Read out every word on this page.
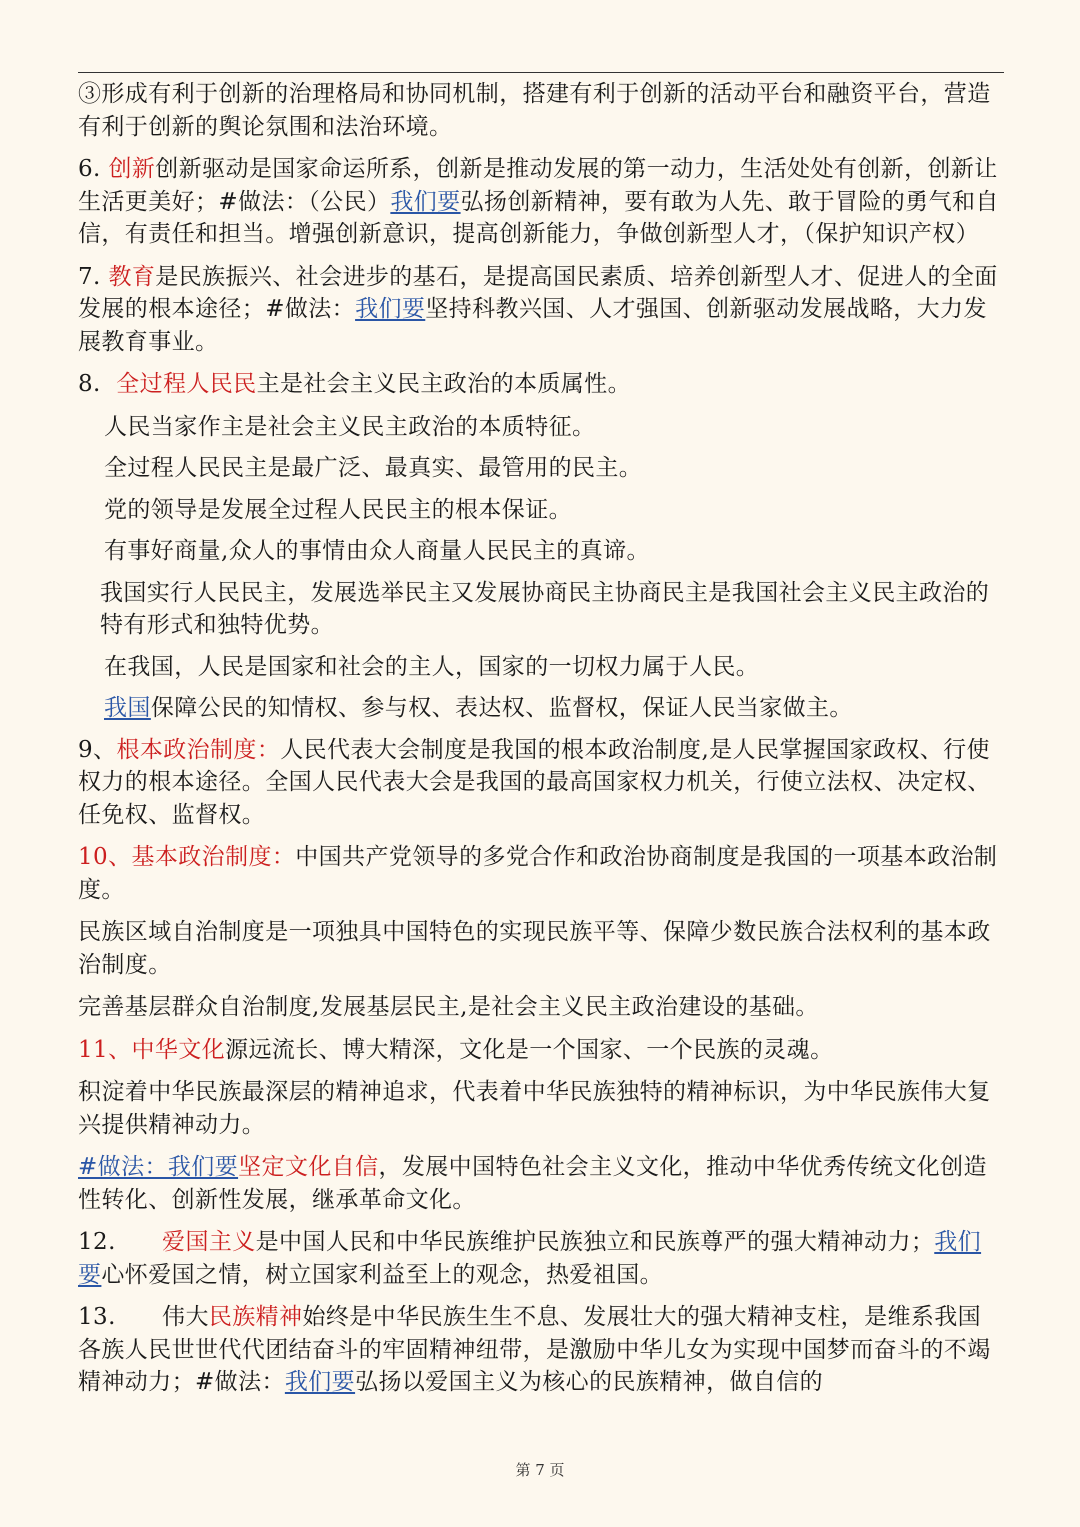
③形成有利于创新的治理格局和协同机制，搭建有利于创新的活动平台和融资平台，营造有利于创新的舆论氛围和法治环境。

6. 创新创新驱动是国家命运所系，创新是推动发展的第一动力，生活处处有创新，创新让生活更美好；#做法：（公民）我们要弘扬创新精神，要有敢为人先、敢于冒险的勇气和自信，有责任和担当。增强创新意识，提高创新能力，争做创新型人才，（保护知识产权）

7. 教育是民族振兴、社会进步的基石，是提高国民素质、培养创新型人才、促进人的全面发展的根本途径；#做法：我们要坚持科教兴国、人才强国、创新驱动发展战略，大力发展教育事业。

8.  全过程人民民主是社会主义民主政治的本质属性。

人民当家作主是社会主义民主政治的本质特征。

全过程人民民主是最广泛、最真实、最管用的民主。

党的领导是发展全过程人民民主的根本保证。

有事好商量,众人的事情由众人商量人民民主的真谛。

我国实行人民民主，发展选举民主又发展协商民主协商民主是我国社会主义民主政治的特有形式和独特优势。

在我国，人民是国家和社会的主人，国家的一切权力属于人民。

我国保障公民的知情权、参与权、表达权、监督权，保证人民当家做主。

9、根本政治制度：人民代表大会制度是我国的根本政治制度,是人民掌握国家政权、行使权力的根本途径。全国人民代表大会是我国的最高国家权力机关，行使立法权、决定权、任免权、监督权。

10、基本政治制度：中国共产党领导的多党合作和政治协商制度是我国的一项基本政治制度。

民族区域自治制度是一项独具中国特色的实现民族平等、保障少数民族合法权利的基本政治制度。

完善基层群众自治制度,发展基层民主,是社会主义民主政治建设的基础。

11、中华文化源远流长、博大精深，文化是一个国家、一个民族的灵魂。

积淀着中华民族最深层的精神追求，代表着中华民族独特的精神标识，为中华民族伟大复兴提供精神动力。

#做法：我们要坚定文化自信，发展中国特色社会主义文化，推动中华优秀传统文化创造性转化、创新性发展，继承革命文化。

12.      爱国主义是中国人民和中华民族维护民族独立和民族尊严的强大精神动力；我们要心怀爱国之情，树立国家利益至上的观念，热爱祖国。

13.      伟大民族精神始终是中华民族生生不息、发展壮大的强大精神支柱，是维系我国各族人民世世代代团结奋斗的牢固精神纽带，是激励中华儿女为实现中国梦而奋斗的不竭精神动力；#做法：我们要弘扬以爱国主义为核心的民族精神，做自信的

第 7 页
